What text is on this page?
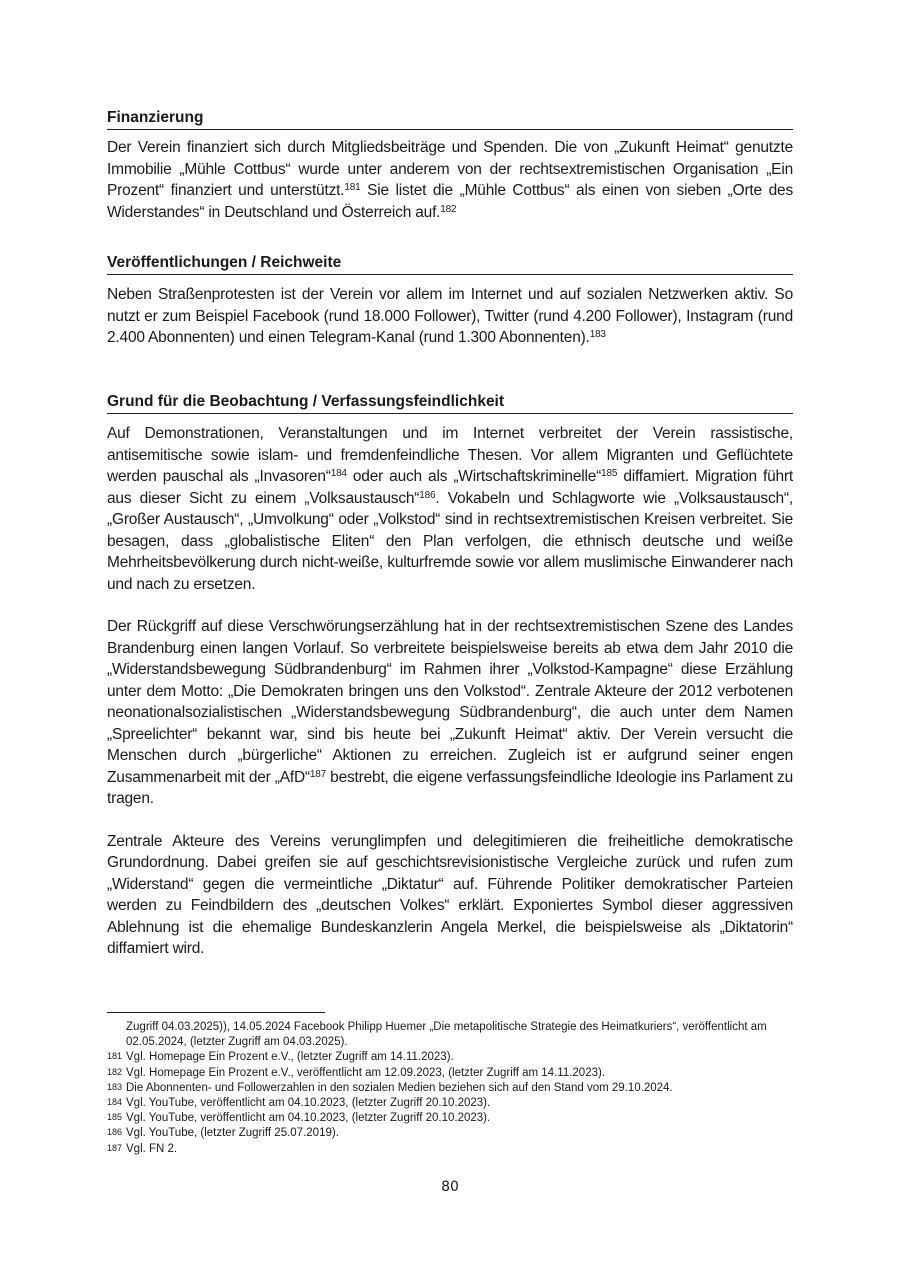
Finanzierung

Der Verein finanziert sich durch Mitgliedsbeiträge und Spenden. Die von „Zukunft Heimat“ genutzte Immobilie „Mühle Cottbus“ wurde unter anderem von der rechtsextremistischen Organisation „Ein Prozent“ finanziert und unterstützt.$^{181}$ Sie listet die „Mühle Cottbus“ als einen von sieben „Orte des Widerstandes“ in Deutschland und Österreich auf.$^{182}$

Veröffentlichungen / Reichweite

Neben Straßenprotesten ist der Verein vor allem im Internet und auf sozialen Netzwerken aktiv. So nutzt er zum Beispiel Facebook (rund 18.000 Follower), Twitter (rund 4.200 Follower), Instagram (rund 2.400 Abonnenten) und einen Telegram-Kanal (rund 1.300 Abonnenten).$^{183}$

Grund für die Beobachtung / Verfassungsfeindlichkeit

Auf Demonstrationen, Veranstaltungen und im Internet verbreitet der Verein rassistische, antisemitische sowie islam- und fremdenfeindliche Thesen. Vor allem Migranten und Geflüchtete werden pauschal als „Invasoren“$^{184}$ oder auch als „Wirtschaftskriminelle“$^{185}$ diffamiert. Migration führt aus dieser Sicht zu einem „Volksaustausch“$^{186}$. Vokabeln und Schlagworte wie „Volksaustausch“, „Großer Austausch“, „Umvolkung“ oder „Volkstod“ sind in rechtsextremistischen Kreisen verbreitet. Sie besagen, dass „globalistische Eliten“ den Plan verfolgen, die ethnisch deutsche und weiße Mehrheitsbevölkerung durch nicht-weiße, kulturfremde sowie vor allem muslimische Einwanderer nach und nach zu ersetzen.

Der Rückgriff auf diese Verschwörungserzählung hat in der rechtsextremistischen Szene des Landes Brandenburg einen langen Vorlauf. So verbreitete beispielsweise bereits ab etwa dem Jahr 2010 die „Widerstandsbewegung Südbrandenburg“ im Rahmen ihrer „Volkstod-Kampagne“ diese Erzählung unter dem Motto: „Die Demokraten bringen uns den Volkstod“. Zentrale Akteure der 2012 verbotenen neonationalsozialistischen „Widerstandsbewegung Südbrandenburg“, die auch unter dem Namen „Spreelichter“ bekannt war, sind bis heute bei „Zukunft Heimat“ aktiv. Der Verein versucht die Menschen durch „bürgerliche“ Aktionen zu erreichen. Zugleich ist er aufgrund seiner engen Zusammenarbeit mit der „AfD“$^{187}$ bestrebt, die eigene verfassungsfeindliche Ideologie ins Parlament zu tragen.

Zentrale Akteure des Vereins verunglimpfen und delegitimieren die freiheitliche demokratische Grundordnung. Dabei greifen sie auf geschichtsrevisionistische Vergleiche zurück und rufen zum „Widerstand“ gegen die vermeintliche „Diktatur“ auf. Führende Politiker demokratischer Parteien werden zu Feindbildern des „deutschen Volkes“ erklärt. Exponiertes Symbol dieser aggressiven Ablehnung ist die ehemalige Bundeskanzlerin Angela Merkel, die beispielsweise als „Diktatorin“ diffamiert wird.

Zugriff 04.03.2025)), 14.05.2024 Facebook Philipp Huemer „Die metapolitische Strategie des Heimatkuriers“, veröffentlicht am 02.05.2024, (letzter Zugriff am 04.03.2025).

181 Vgl. Homepage Ein Prozent e.V., (letzter Zugriff am 14.11.2023).
182 Vgl. Homepage Ein Prozent e.V., veröffentlicht am 12.09.2023, (letzter Zugriff am 14.11.2023).
183 Die Abonnenten- und Followerzahlen in den sozialen Medien beziehen sich auf den Stand vom 29.10.2024.
184 Vgl. YouTube, veröffentlicht am 04.10.2023, (letzter Zugriff 20.10.2023).
185 Vgl. YouTube, veröffentlicht am 04.10.2023, (letzter Zugriff 20.10.2023).
186 Vgl. YouTube, (letzter Zugriff 25.07.2019).
187 Vgl. FN 2.
80
